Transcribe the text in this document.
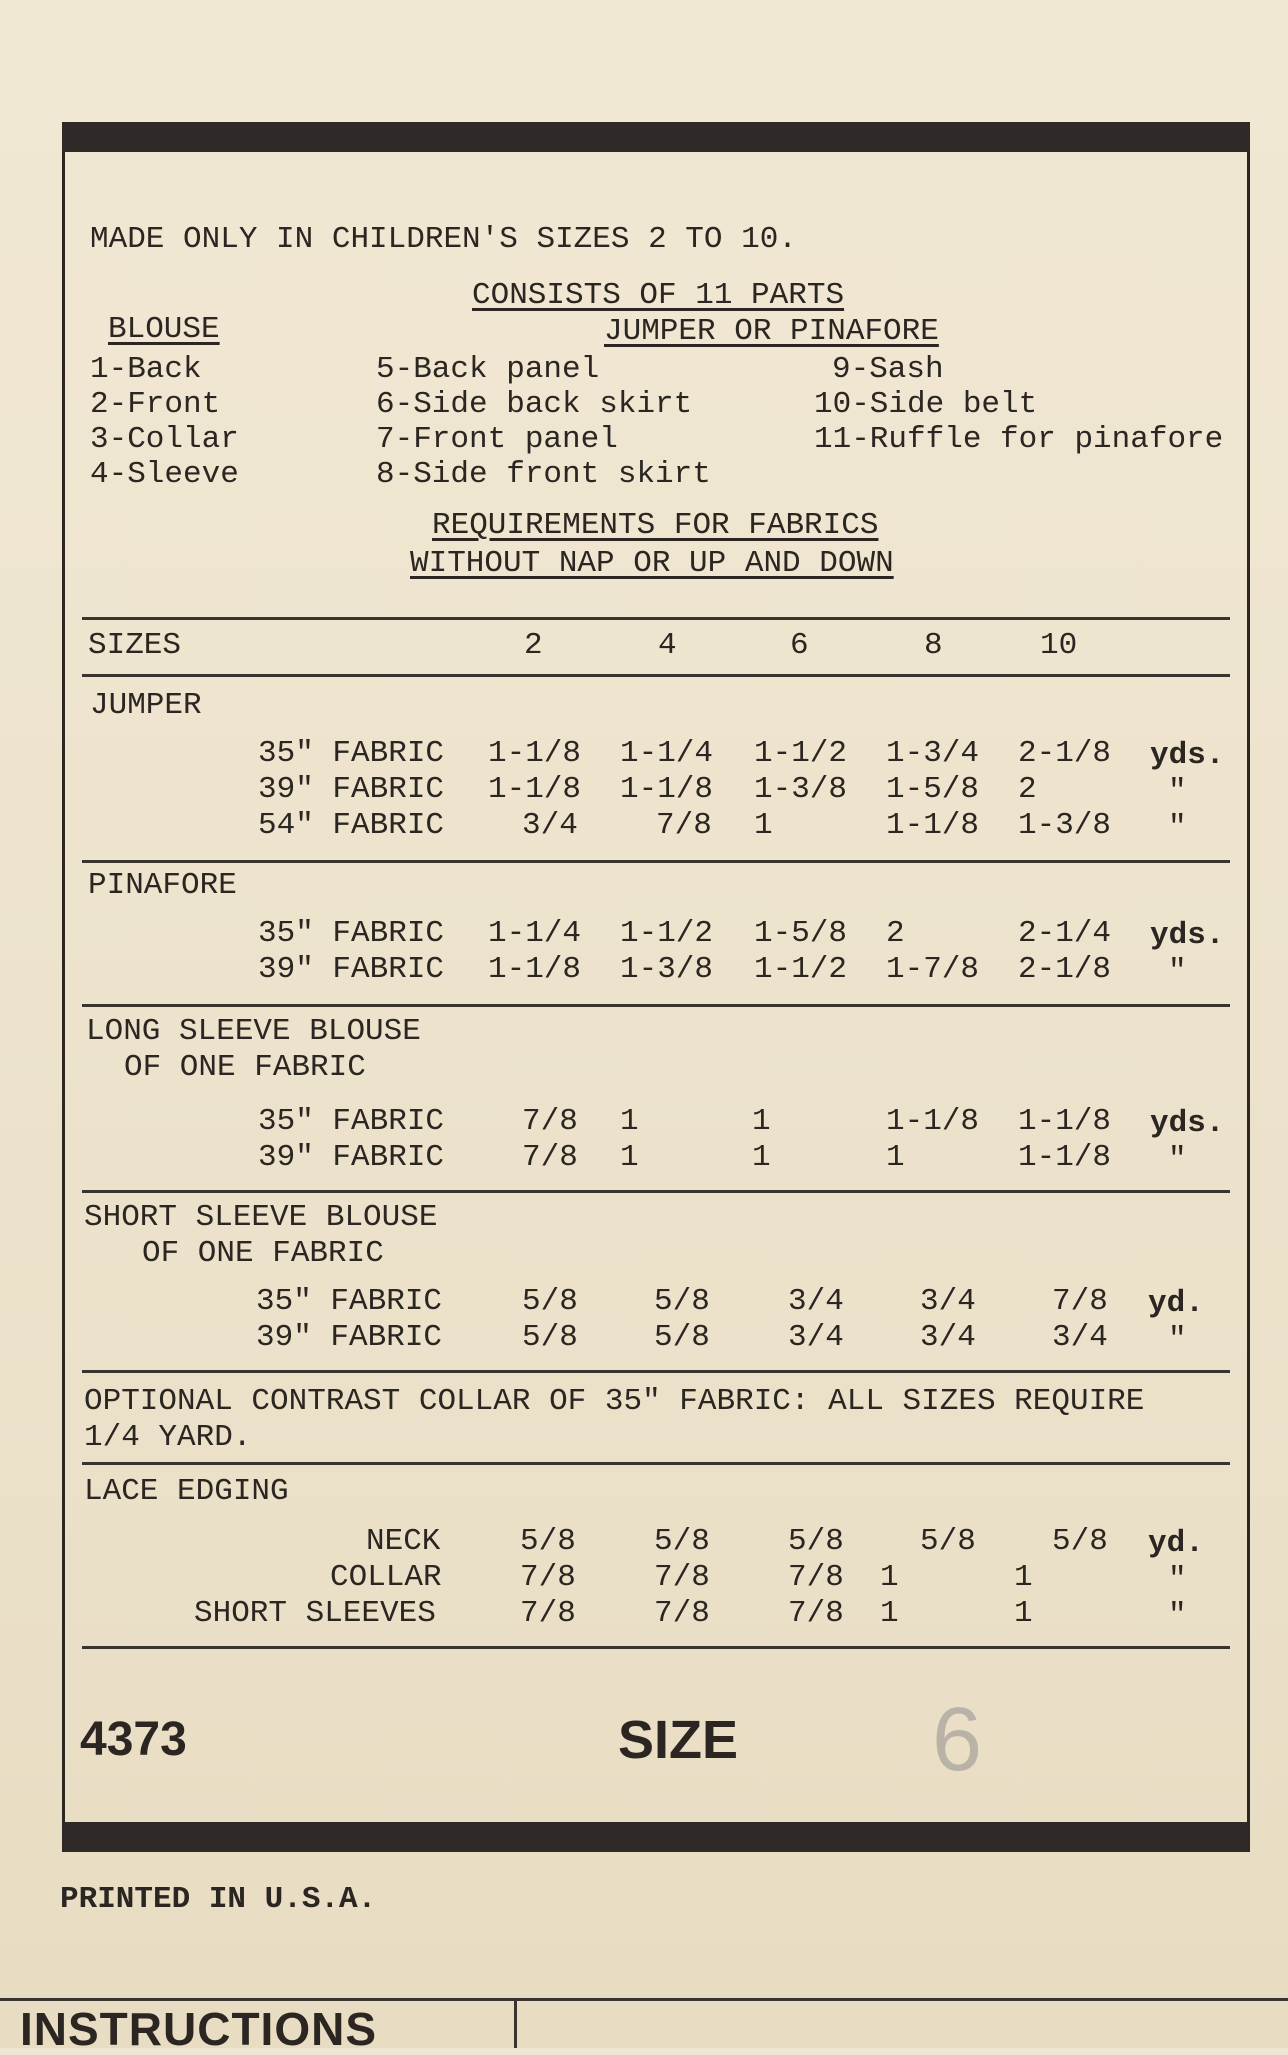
MADE ONLY IN CHILDREN'S SIZES 2 TO 10.
CONSISTS OF 11 PARTS
BLOUSE	JUMPER OR PINAFORE
1-Back
2-Front
3-Collar
4-Sleeve
5-Back panel
6-Side back skirt
7-Front panel
8-Side front skirt
9-Sash
10-Side belt
11-Ruffle for pinafore
REQUIREMENTS FOR FABRICS
WITHOUT NAP OR UP AND DOWN
SIZES	2	4	6	8	10
JUMPER
35" FABRIC 1-1/8 1-1/4 1-1/2 1-3/4 2-1/8 yds.
39" FABRIC 1-1/8 1-1/8 1-3/8 1-5/8 2	"
54" FABRIC	3/4	7/8 1	1-1/8 1-3/8 "
PINAFORE
35" FABRIC 1-1/4 1-1/2 1-5/8 2	2-1/4 yds.
39" FABRIC 1-1/8 1-3/8 1-1/2 1-7/8 2-1/8 "
LONG SLEEVE BLOUSE
OF ONE FABRIC
35" FABRIC	7/8 1	1	1-1/8 1-1/8 yds.
39" FABRIC	7/8 1	1	1	1-1/8 "
SHORT SLEEVE BLOUSE
OF ONE FABRIC
35" FABRIC	5/8 5/8	3/4 3/4 7/8 yd.
39" FABRIC	5/8 5/8	3/4 3/4 3/4 "
OPTIONAL CONTRAST COLLAR OF 35" FABRIC: ALL SIZES REQUIRE
1/4 YARD.
LACE EDGING
NECK	5/8	5/8	5/8 5/8 5/8 yd.
COLLAR	7/8	7/8	7/8 1	1	"
SHORT SLEEVES	7/8	7/8	7/8 1	1	"
4373	SIZE 6
PRINTED IN U.S.A.
INSTRUCTIONS
